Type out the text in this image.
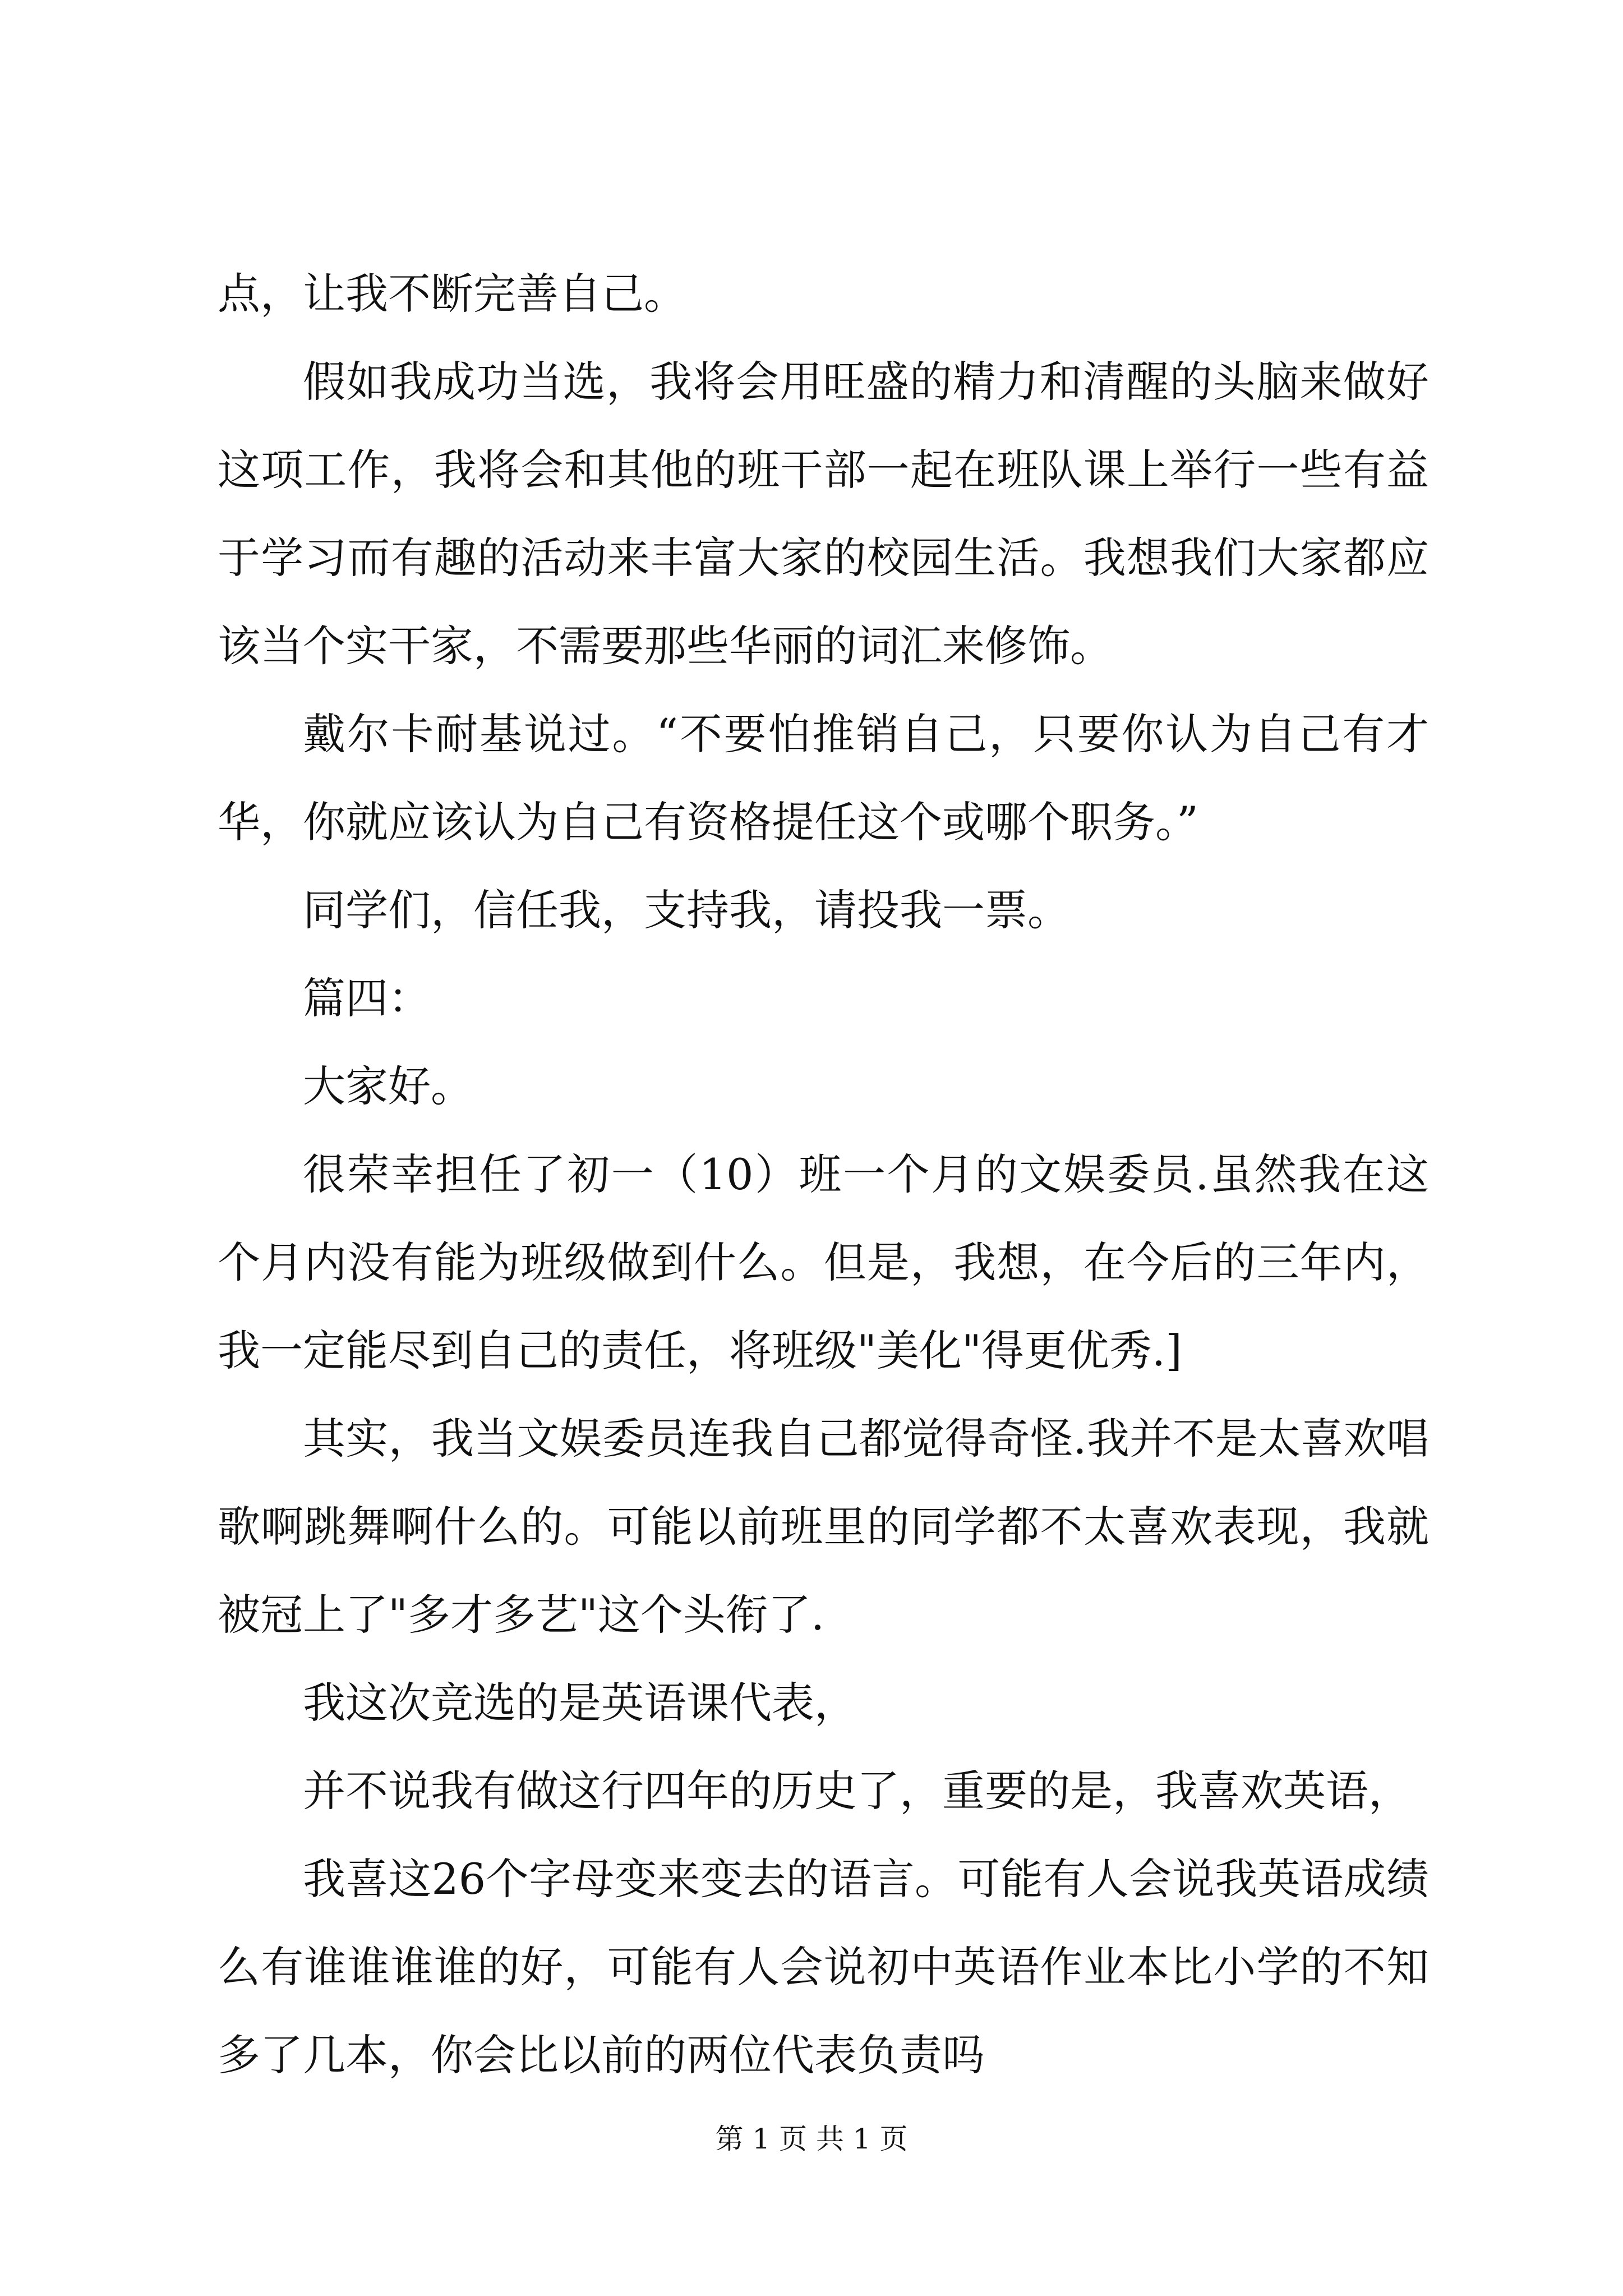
点，让我不断完善自己。

假如我成功当选，我将会用旺盛的精力和清醒的头脑来做好这项工作，我将会和其他的班干部一起在班队课上举行一些有益于学习而有趣的活动来丰富大家的校园生活。我想我们大家都应该当个实干家，不需要那些华丽的词汇来修饰。

戴尔卡耐基说过。“不要怕推销自己，只要你认为自己有才华，你就应该认为自己有资格提任这个或哪个职务。”

同学们，信任我，支持我，请投我一票。

篇四：

大家好。

很荣幸担任了初一（10）班一个月的文娱委员.虽然我在这个月内没有能为班级做到什么。但是，我想，在今后的三年内，我一定能尽到自己的责任，将班级"美化"得更优秀.]

其实，我当文娱委员连我自己都觉得奇怪.我并不是太喜欢唱歌啊跳舞啊什么的。可能以前班里的同学都不太喜欢表现，我就被冠上了"多才多艺"这个头衔了.

我这次竞选的是英语课代表，

并不说我有做这行四年的历史了，重要的是，我喜欢英语，

我喜这26个字母变来变去的语言。可能有人会说我英语成绩么有谁谁谁谁的好，可能有人会说初中英语作业本比小学的不知多了几本，你会比以前的两位代表负责吗

第 1 页 共 1 页
